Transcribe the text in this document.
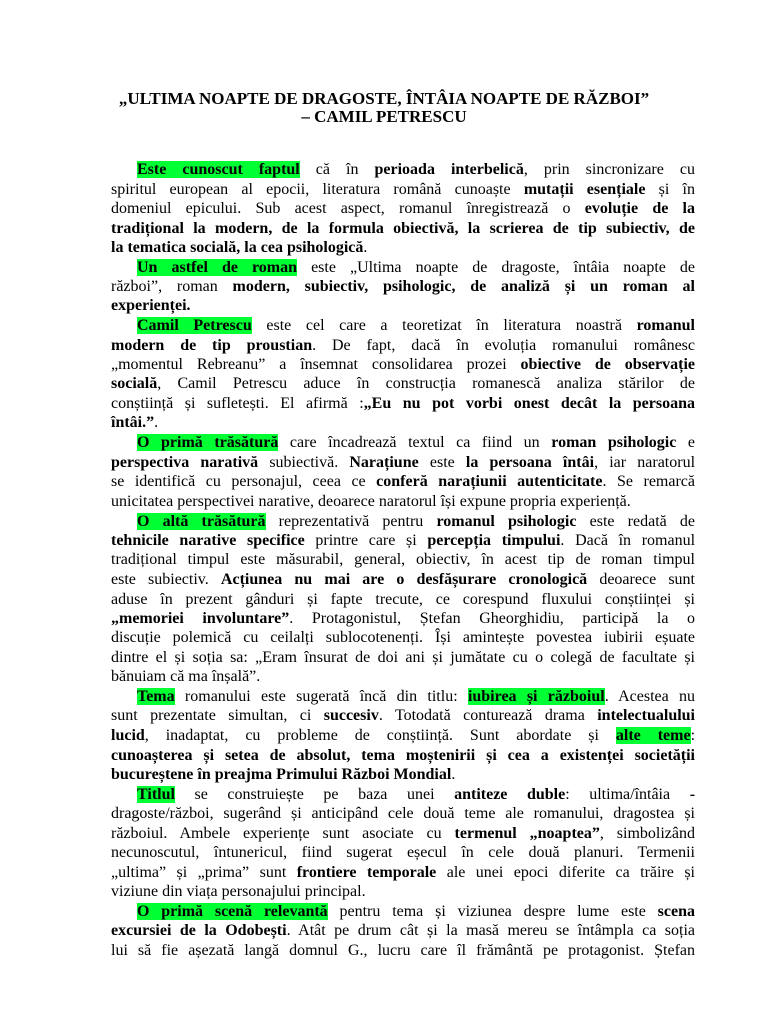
„ULTIMA NOAPTE DE DRAGOSTE, ÎNTÂIA NOAPTE DE RĂZBOI”
– CAMIL PETRESCU
Este cunoscut faptul că în perioada interbelică, prin sincronizare cu
spiritul european al epocii, literatura română cunoaște mutații esențiale și în
domeniul epicului. Sub acest aspect, romanul înregistrează o evoluție de la
tradițional la modern, de la formula obiectivă, la scrierea de tip subiectiv, de
la tematica socială, la cea psihologică.
Un astfel de roman este „Ultima noapte de dragoste, întâia noapte de
război”, roman modern, subiectiv, psihologic, de analiză și un roman al
experienței.
Camil Petrescu este cel care a teoretizat în literatura noastră romanul
modern de tip proustian. De fapt, dacă în evoluția romanului românesc
„momentul Rebreanu” a însemnat consolidarea prozei obiective de observație
socială, Camil Petrescu aduce în construcția romanescă analiza stărilor de
conștiință și sufletești. El afirmă :„Eu nu pot vorbi onest decât la persoana
întâi.”.
O primă trăsătură care încadrează textul ca fiind un roman psihologic e
perspectiva narativă subiectivă. Narațiune este la persoana întâi, iar naratorul
se identifică cu personajul, ceea ce conferă narațiunii autenticitate. Se remarcă
unicitatea perspectivei narative, deoarece naratorul își expune propria experiență.
O altă trăsătură reprezentativă pentru romanul psihologic este redată de
tehnicile narative specifice printre care și percepția timpului. Dacă în romanul
tradițional timpul este măsurabil, general, obiectiv, în acest tip de roman timpul
este subiectiv. Acțiunea nu mai are o desfășurare cronologică deoarece sunt
aduse în prezent gânduri și fapte trecute, ce corespund fluxului conștiinței și
„memoriei involuntare”. Protagonistul, Ștefan Gheorghidiu, participă la o
discuție polemică cu ceilalți sublocotenenți. Își amintește povestea iubirii eșuate
dintre el și soția sa: „Eram însurat de doi ani și jumătate cu o colegă de facultate și
bănuiam că ma înșală”.
Tema romanului este sugerată încă din titlu: iubirea și războiul. Acestea nu
sunt prezentate simultan, ci succesiv. Totodată conturează drama intelectualului
lucid, inadaptat, cu probleme de conștiință. Sunt abordate și alte teme:
cunoașterea și setea de absolut, tema moștenirii și cea a existenței societății
bucureștene în preajma Primului Război Mondial.
Titlul se construiește pe baza unei antiteze duble: ultima/întâia -
dragoste/război, sugerând și anticipând cele două teme ale romanului, dragostea și
războiul. Ambele experiențe sunt asociate cu termenul „noaptea”, simbolizând
necunoscutul, întunericul, fiind sugerat eșecul în cele două planuri. Termenii
„ultima” și „prima” sunt frontiere temporale ale unei epoci diferite ca trăire și
viziune din viața personajului principal.
O primă scenă relevantă pentru tema și viziunea despre lume este scena
excursiei de la Odobești. Atât pe drum cât și la masă mereu se întâmpla ca soția
lui să fie așezată langă domnul G., lucru care îl frământă pe protagonist. Ștefan
